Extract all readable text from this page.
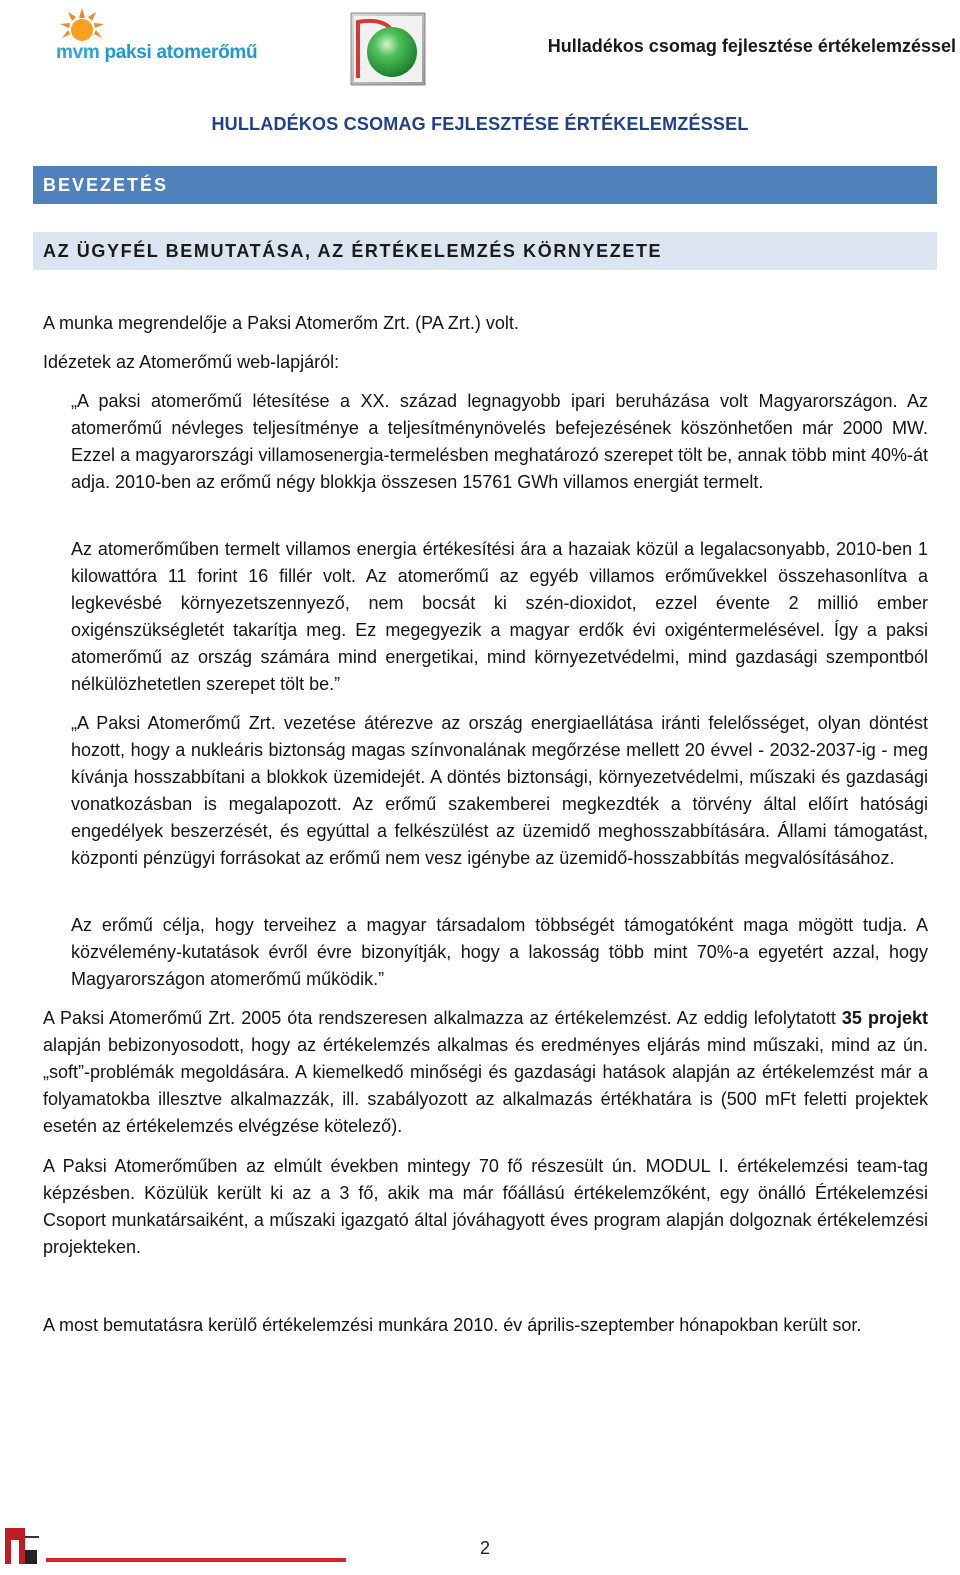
mvm paksi atomerőmű	Hulladékos csomag fejlesztése értékelemzéssel
HULLADÉKOS CSOMAG FEJLESZTÉSE ÉRTÉKELEMZÉSSEL
BEVEZETÉS
AZ ÜGYFÉL BEMUTATÁSA, AZ ÉRTÉKELEMZÉS KÖRNYEZETE
A munka megrendelője a Paksi Atomerőm Zrt. (PA Zrt.) volt.
Idézetek az Atomerőmű web-lapjáról:
„A paksi atomerőmű létesítése a XX. század legnagyobb ipari beruházása volt Magyarországon. Az atomerőmű névleges teljesítménye a teljesítménynövelés befejezésének köszönhetően már 2000 MW. Ezzel a magyarországi villamosenergia-termelésben meghatározó szerepet tölt be, annak több mint 40%-át adja. 2010-ben az erőmű négy blokkja összesen 15761 GWh villamos energiát termelt.
Az atomerőműben termelt villamos energia értékesítési ára a hazaiak közül a legalacsonyabb, 2010-ben 1 kilowattóra 11 forint 16 fillér volt. Az atomerőmű az egyéb villamos erőművekkel összehasonlítva a legkevésbé környezetszennyező, nem bocsát ki szén-dioxidot, ezzel évente 2 millió ember oxigénszükségletét takarítja meg. Ez megegyezik a magyar erdők évi oxigéntermelésével. Így a paksi atomerőmű az ország számára mind energetikai, mind környezetvédelmi, mind gazdasági szempontból nélkülözhetetlen szerepet tölt be.”
„A Paksi Atomerőmű Zrt. vezetése átérezve az ország energiaellátása iránti felelősséget, olyan döntést hozott, hogy a nukleáris biztonság magas színvonalának megőrzése mellett 20 évvel - 2032-2037-ig - meg kívánja hosszabbítani a blokkok üzemidejét. A döntés biztonsági, környezetvédelmi, műszaki és gazdasági vonatkozásban is megalapozott. Az erőmű szakemberei megkezdték a törvény által előírt hatósági engedélyek beszerzését, és egyúttal a felkészülést az üzemidő meghosszabbítására. Állami támogatást, központi pénzügyi forrásokat az erőmű nem vesz igénybe az üzemidő-hosszabbítás megvalósításához.
Az erőmű célja, hogy terveihez a magyar társadalom többségét támogatóként maga mögött tudja. A közvélemény-kutatások évről évre bizonyítják, hogy a lakosság több mint 70%-a egyetért azzal, hogy Magyarországon atomerőmű működik.”
A Paksi Atomerőmű Zrt. 2005 óta rendszeresen alkalmazza az értékelemzést. Az eddig lefolytatott 35 projekt alapján bebizonyosodott, hogy az értékelemzés alkalmas és eredményes eljárás mind műszaki, mind az ún. „soft”-problémák megoldására. A kiemelkedő minőségi és gazdasági hatások alapján az értékelemzést már a folyamatokba illesztve alkalmazzák, ill. szabályozott az alkalmazás értékhatára is (500 mFt feletti projektek esetén az értékelemzés elvégzése kötelező).
A Paksi Atomerőműben az elmúlt években mintegy 70 fő részesült ún. MODUL I. értékelemzési team-tag képzésben. Közülük került ki az a 3 fő, akik ma már főállású értékelemzőként, egy önálló Értékelemzési Csoport munkatársaiként, a műszaki igazgató által jóváhagyott éves program alapján dolgoznak értékelemzési projekteken.
A most bemutatásra kerülő értékelemzési munkára 2010. év április-szeptember hónapokban került sor.
2
